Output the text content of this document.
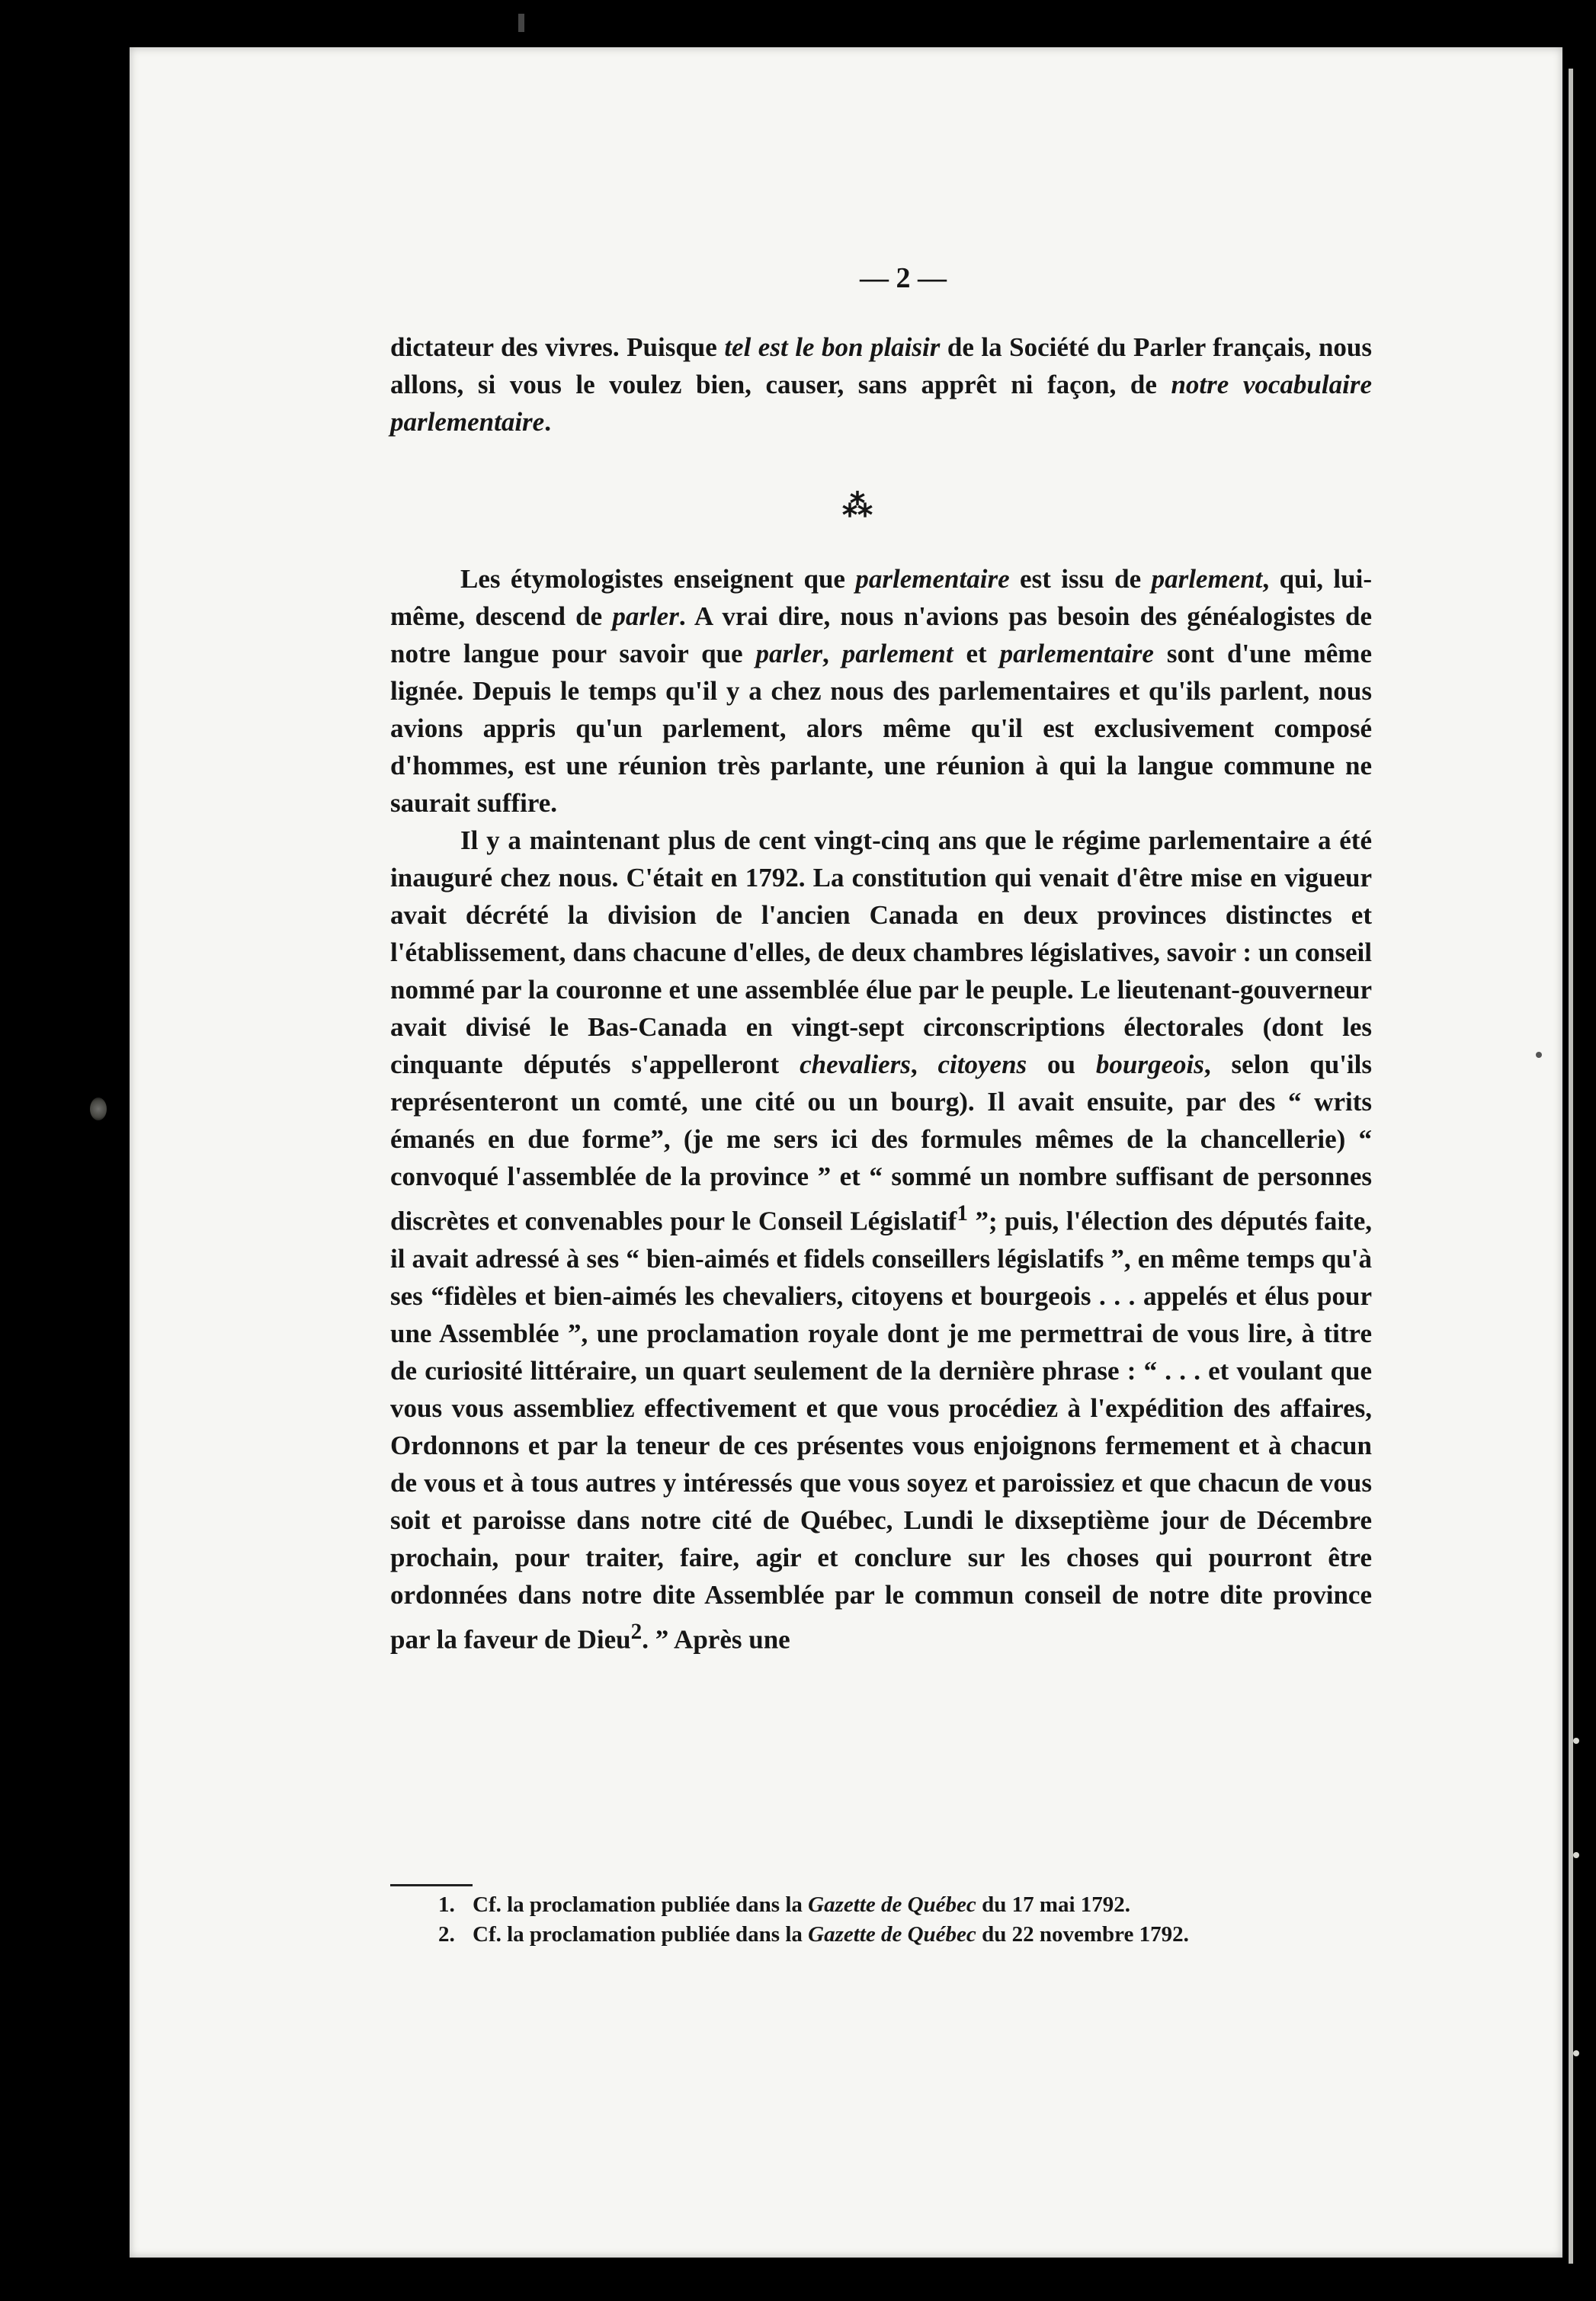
— 2 —

dictateur des vivres. Puisque tel est le bon plaisir de la Société du Parler français, nous allons, si vous le voulez bien, causer, sans apprêt ni façon, de notre vocabulaire parlementaire.

⁂

Les étymologistes enseignent que parlementaire est issu de parlement, qui, lui-même, descend de parler. A vrai dire, nous n'avions pas besoin des généalogistes de notre langue pour savoir que parler, parlement et parlementaire sont d'une même lignée. Depuis le temps qu'il y a chez nous des parlementaires et qu'ils parlent, nous avions appris qu'un parlement, alors même qu'il est exclusivement composé d'hommes, est une réunion très parlante, une réunion à qui la langue commune ne saurait suffire.

Il y a maintenant plus de cent vingt-cinq ans que le régime parlementaire a été inauguré chez nous. C'était en 1792. La constitution qui venait d'être mise en vigueur avait décrété la division de l'ancien Canada en deux provinces distinctes et l'établissement, dans chacune d'elles, de deux chambres législatives, savoir : un conseil nommé par la couronne et une assemblée élue par le peuple. Le lieutenant-gouverneur avait divisé le Bas-Canada en vingt-sept circonscriptions électorales (dont les cinquante députés s'appelleront chevaliers, citoyens ou bourgeois, selon qu'ils représenteront un comté, une cité ou un bourg). Il avait ensuite, par des “ writs émanés en due forme”, (je me sers ici des formules mêmes de la chancellerie) “ convoqué l'assemblée de la province ” et “ sommé un nombre suffisant de personnes discrètes et convenables pour le Conseil Législatif$^1$ ”; puis, l'élection des députés faite, il avait adressé à ses “ bien-aimés et fidels conseillers législatifs ”, en même temps qu'à ses “fidèles et bien-aimés les chevaliers, citoyens et bourgeois . . . appelés et élus pour une Assemblée ”, une proclamation royale dont je me permettrai de vous lire, à titre de curiosité littéraire, un quart seulement de la dernière phrase : “ . . . et voulant que vous vous assembliez effectivement et que vous procédiez à l'expédition des affaires, Ordonnons et par la teneur de ces présentes vous enjoignons fermement et à chacun de vous et à tous autres y intéressés que vous soyez et paroissiez et que chacun de vous soit et paroisse dans notre cité de Québec, Lundi le dixseptième jour de Décembre prochain, pour traiter, faire, agir et conclure sur les choses qui pourront être ordonnées dans notre dite Assemblée par le commun conseil de notre dite province par la faveur de Dieu$^2$. ” Après une

1. Cf. la proclamation publiée dans la Gazette de Québec du 17 mai 1792.
2. Cf. la proclamation publiée dans la Gazette de Québec du 22 novembre 1792.
